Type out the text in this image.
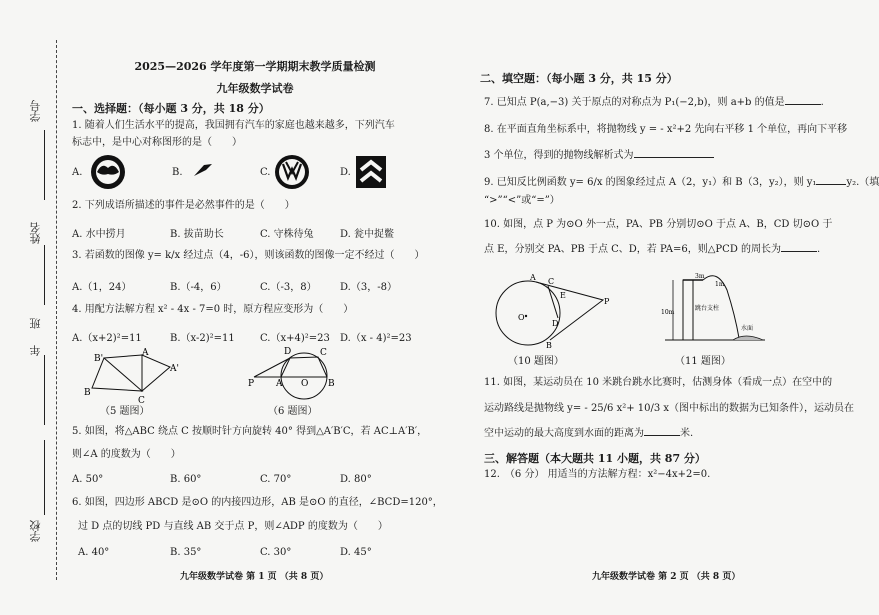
学号
姓名
班
年
学校
2025—2026 学年度第一学期期末教学质量检测
九年级数学试卷
一、选择题：（每小题 3 分，共 18 分）
1. 随着人们生活水平的提高，我国拥有汽车的家庭也越来越多，下列汽车
标志中，是中心对称图形的是（　　）
A.	B.	C.	D.
2. 下列成语所描述的事件是必然事件的是（　　）
A. 水中捞月	B. 拔苗助长	C. 守株待兔	D. 瓮中捉鳖
3. 若函数的图像 y= k/x 经过点（4，-6），则该函数的图像一定不经过（　　）
A.（1，24）	B.（-4，6）	C.（-3，8） D.（3，-8）
4. 用配方法解方程 x² - 4x - 7=0 时，原方程应变形为（　　）
A.（x+2)²=11	B.（x-2)²=11	C.（x+4)²=23 D.（x - 4)²=23
B'
A
A'
B
C
（5 题图）
D	C
P A O B
（6 题图）
5. 如图，将△ABC 绕点 C 按顺时针方向旋转 40° 得到△A′B′C，若 AC⊥A′B′，
则∠A 的度数为（　　）
A. 50°	B. 60°	C. 70°	D. 80°
6. 如图，四边形 ABCD 是⊙O 的内接四边形，AB 是⊙O 的直径，∠BCD=120°，
过 D 点的切线 PD 与直线 AB 交于点 P，则∠ADP 的度数为（　　）
A. 40°	B. 35°	C. 30°	D. 45°
九年级数学试卷 第 1 页 （共 8 页）
二、填空题：（每小题 3 分，共 15 分）
7. 已知点 P(a,−3) 关于原点的对称点为 P₁(−2,b)，则 a+b 的值是	.
8. 在平面直角坐标系中，将抛物线 y = - x²+2 先向右平移 1 个单位，再向下平移
3 个单位，得到的抛物线解析式为
9. 已知反比例函数 y= 6/x 的图象经过点 A（2，y₁）和 B（3，y₂），则 y₁	y₂.（填
“>”“<”或“=”）
10. 如图，点 P 为⊙O 外一点，PA、PB 分别切⊙O 于点 A、B，CD 切⊙O 于
点 E，分别交 PA、PB 于点 C、D，若 PA=6，则△PCD 的周长为	.
A C
E
O
D
B
P
（10 题图）
3m
1m
10m
跳台支柱
水面
（11 题图）
11. 如图，某运动员在 10 米跳台跳水比赛时，估测身体（看成一点）在空中的
运动路线是抛物线 y= - 25/6 x²+ 10/3 x（图中标出的数据为已知条件），运动员在
空中运动的最大高度到水面的距离为	米.
三、解答题（本大题共 11 小题，共 87 分）
12.　（6 分） 用适当的方法解方程：x²−4x+2=0.
九年级数学试卷 第 2 页 （共 8 页）
